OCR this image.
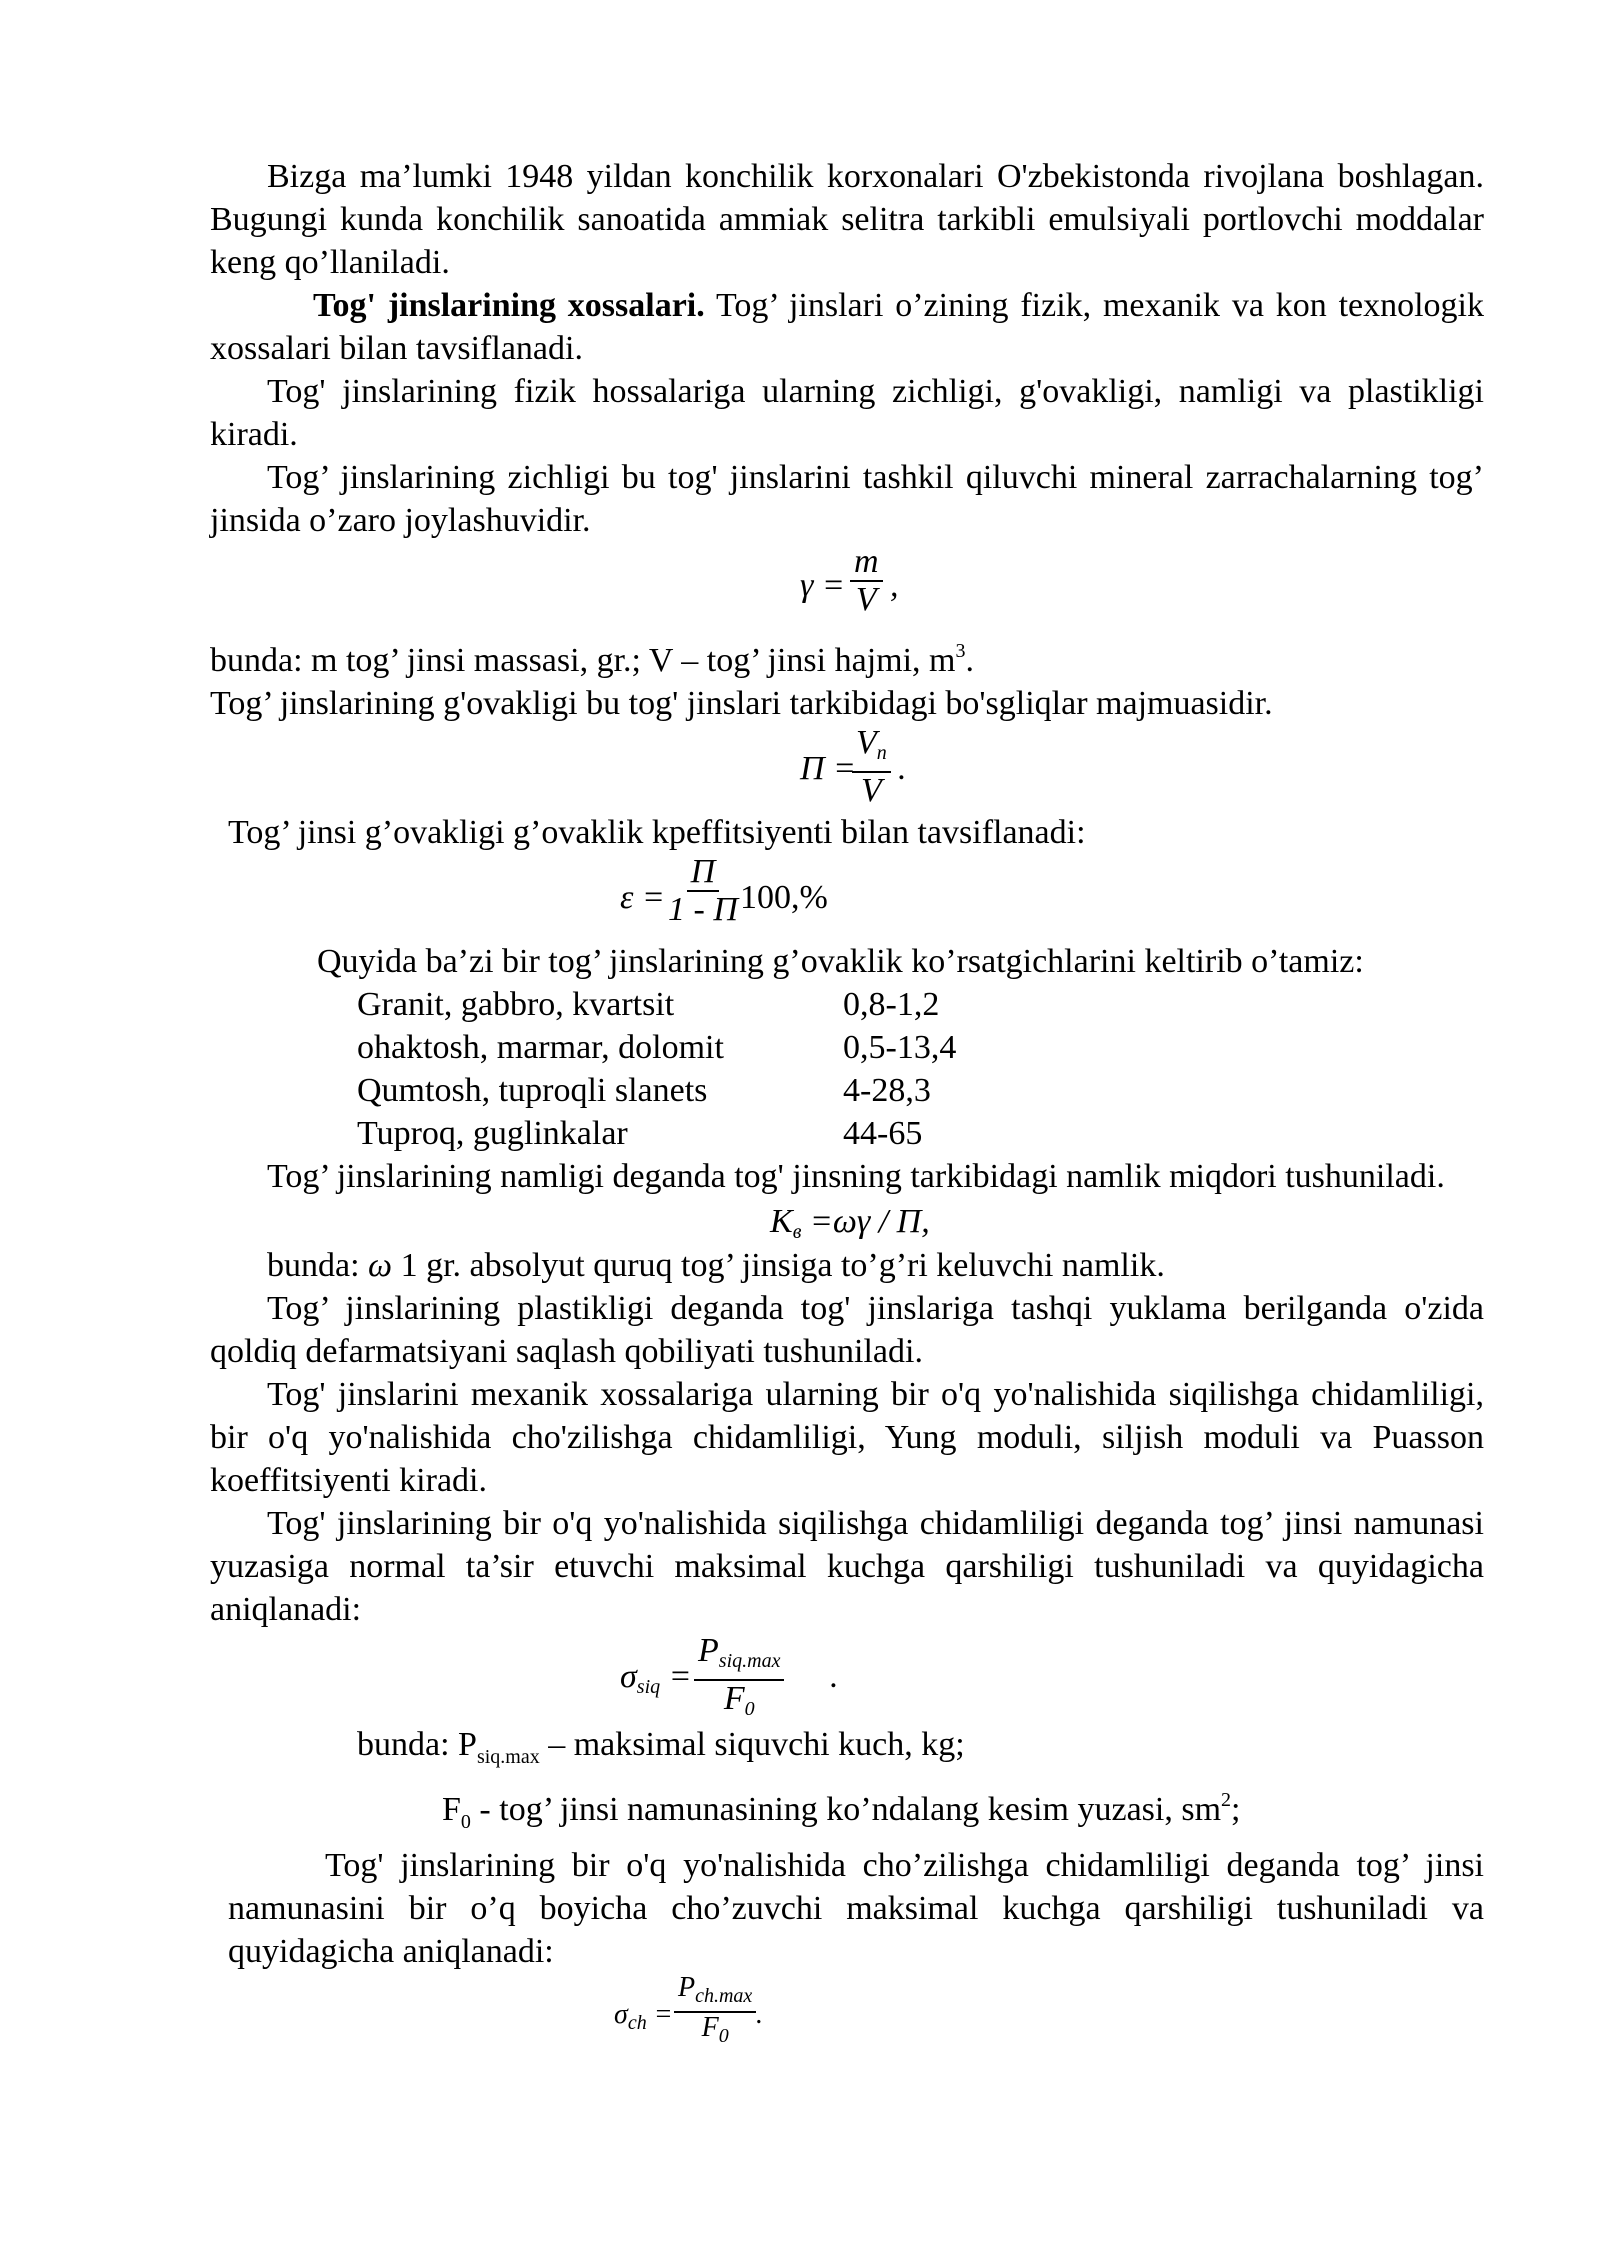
Bizga ma’lumki 1948 yildan konchilik korxonalari O'zbekistonda rivojlana boshlagan. Bugungi kunda konchilik sanoatida ammiak selitra tarkibli emulsiyali portlovchi moddalar keng qo’llaniladi.

Tog' jinslarining xossalari. Tog’ jinslari o’zining fizik, mexanik va kon texnologik xossalari bilan tavsiflanadi.

Tog' jinslarining fizik hossalariga ularning zichligi, g'ovakligi, namligi va plastikligi kiradi.

Tog’ jinslarining zichligi bu tog' jinslarini tashkil qiluvchi mineral zarrachalarning tog’ jinsida o’zaro joylashuvidir.

$\gamma = \frac{m}{V}$ ,

bunda: m tog’ jinsi massasi, gr.; V – tog’ jinsi hajmi, $m^3$.

Tog’ jinslarining g'ovakligi bu tog' jinslari tarkibidagi bo'sgliqlar majmuasidir.

Π =
$\frac{V_n}{V}$ .

Tog’ jinsi g’ovakligi g’ovaklik kpeffitsiyenti bilan tavsiflanadi:

$\varepsilon = \frac{\Pi}{1 - \Pi} 100,\%$

Quyida ba’zi bir tog’ jinslarining g’ovaklik ko’rsatgichlarini keltirib o’tamiz:

Granit, gabbro, kvartsit	0,8-1,2
ohaktosh, marmar, dolomit	0,5-13,4
Qumtosh, tuproqli slanets	4-28,3
Tuproq, guglinkalar	44-65

Tog’ jinslarining namligi deganda tog' jinsning tarkibidagi namlik miqdori tushuniladi.

$K_в =\omega\gamma / \Pi$,

bunda: ω 1 gr. absolyut quruq tog’ jinsiga to’g’ri keluvchi namlik.

Tog’ jinslarining plastikligi deganda tog' jinslariga tashqi yuklama berilganda o'zida qoldiq defarmatsiyani saqlash qobiliyati tushuniladi.

Tog' jinslarini mexanik xossalariga ularning bir o'q yo'nalishida siqilishga chidamliligi, bir o'q yo'nalishida cho'zilishga chidamliligi, Yung moduli, siljish moduli va Puasson koeffitsiyenti kiradi.

Tog' jinslarining bir o'q yo'nalishida siqilishga chidamliligi deganda tog’ jinsi namunasi yuzasiga normal ta’sir etuvchi maksimal kuchga qarshiligi tushuniladi va quyidagicha aniqlanadi:

$\sigma_{siq}$ =
$P_{siq.max}$
$F_0$
.

bunda: $P_{siq.max}$ – maksimal siquvchi kuch, kg;

$F_0$ - tog’ jinsi namunasining ko’ndalang kesim yuzasi, $sm^2$;

Tog' jinslarining bir o'q yo'nalishida cho’zilishga chidamliligi deganda tog’ jinsi namunasini bir o’q boyicha cho’zuvchi maksimal kuchga qarshiligi tushuniladi va quyidagicha aniqlanadi:

$\sigma_{ch}$ =
$P_{ch.max}$
$F_0$
.
